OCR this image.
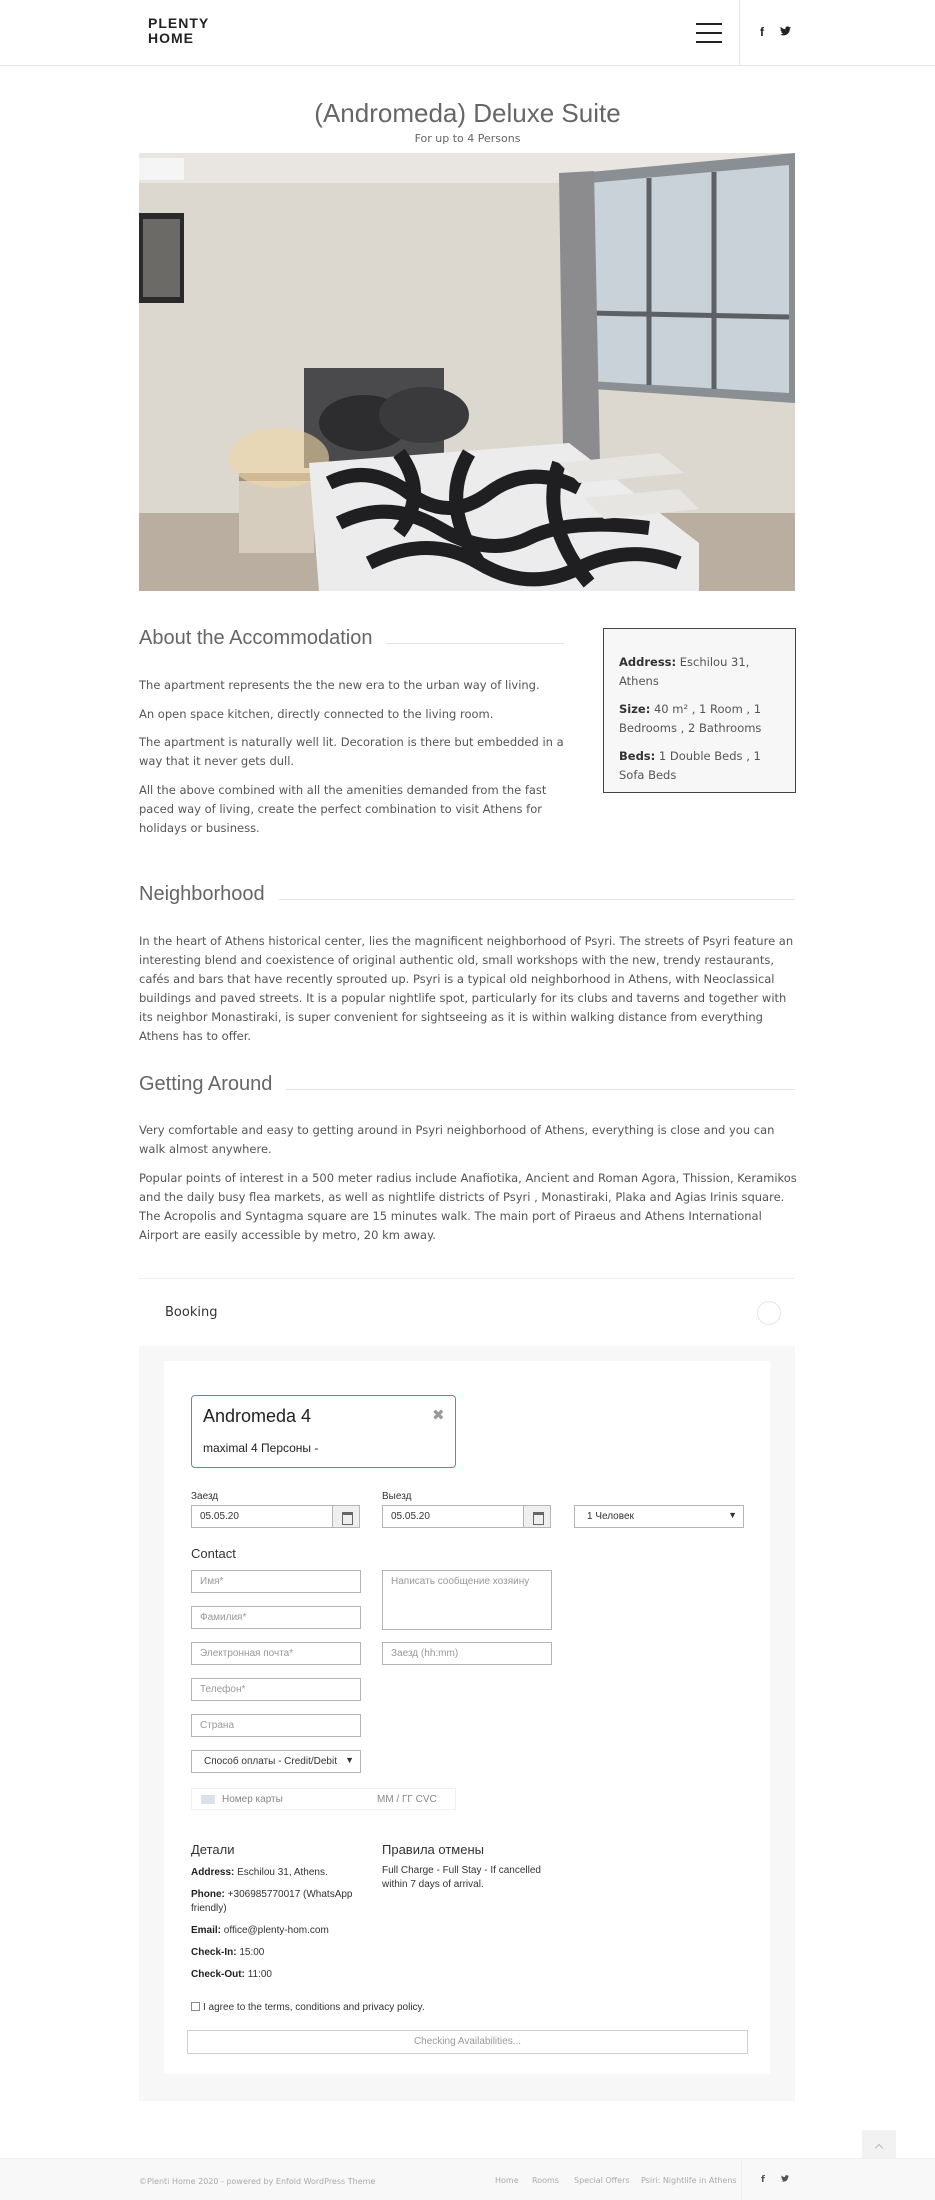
PLENTY
HOME	f
(Andromeda) Deluxe Suite
For up to 4 Persons
About the Accommodation
The apartment represents the the new era to the urban way of living.
An open space kitchen, directly connected to the living room.
The apartment is naturally well lit. Decoration is there but embedded in a way that it never gets dull.
All the above combined with all the amenities demanded from the fast paced way of living, create the perfect combination to visit Athens for holidays or business.

Address: Eschilou 31, Athens

Size: 40 m² , 1 Room , 1 Bedrooms , 2 Bathrooms

Beds: 1 Double Beds , 1 Sofa Beds

Neighborhood
In the heart of Athens historical center, lies the magnificent neighborhood of Psyri. The streets of Psyri feature an interesting blend and coexistence of original authentic old, small workshops with the new, trendy restaurants, cafés and bars that have recently sprouted up. Psyri is a typical old neighborhood in Athens, with Neoclassical buildings and paved streets. It is a popular nightlife spot, particularly for its clubs and taverns and together with its neighbor Monastiraki, is super convenient for sightseeing as it is within walking distance from everything Athens has to offer.
Getting Around
Very comfortable and easy to getting around in Psyri neighborhood of Athens, everything is close and you can walk almost anywhere.
Popular points of interest in a 500 meter radius include Anafiotika, Ancient and Roman Agora, Thission, Keramikos and the daily busy flea markets, as well as nightlife districts of Psyri , Monastiraki, Plaka and Agias Irinis square. The Acropolis and Syntagma square are 15 minutes walk. The main port of Piraeus and Athens International Airport are easily accessible by metro, 20 km away.
Booking
Andromeda 4
maximal 4 Персоны -
✖
Заезд
05.05.20
Выезд
05.05.20	1 Человек	▼
Contact
Имя*
Фамилия*
Электронная почта*
Телефон*
Страна
Способ оплаты - Credit/Debit ▼
Написать сообщение хозяину
Заезд (hh:mm)
Номер карты	ММ / ГГ CVC
Детали
Address: Eschilou 31, Athens.
Phone: +306985770017 (WhatsApp friendly)
Email: office@plenty-hom.com
Check-In: 15:00
Check-Out: 11:00
Правила отмены
Full Charge - Full Stay - If cancelled within 7 days of arrival.
I agree to the terms, conditions and privacy policy.
Checking Availabilities...
©Plenti Home 2020 - powered by Enfold WordPress Theme	Home Rooms Special Offers Psiri: Nightlife in Athens	f
